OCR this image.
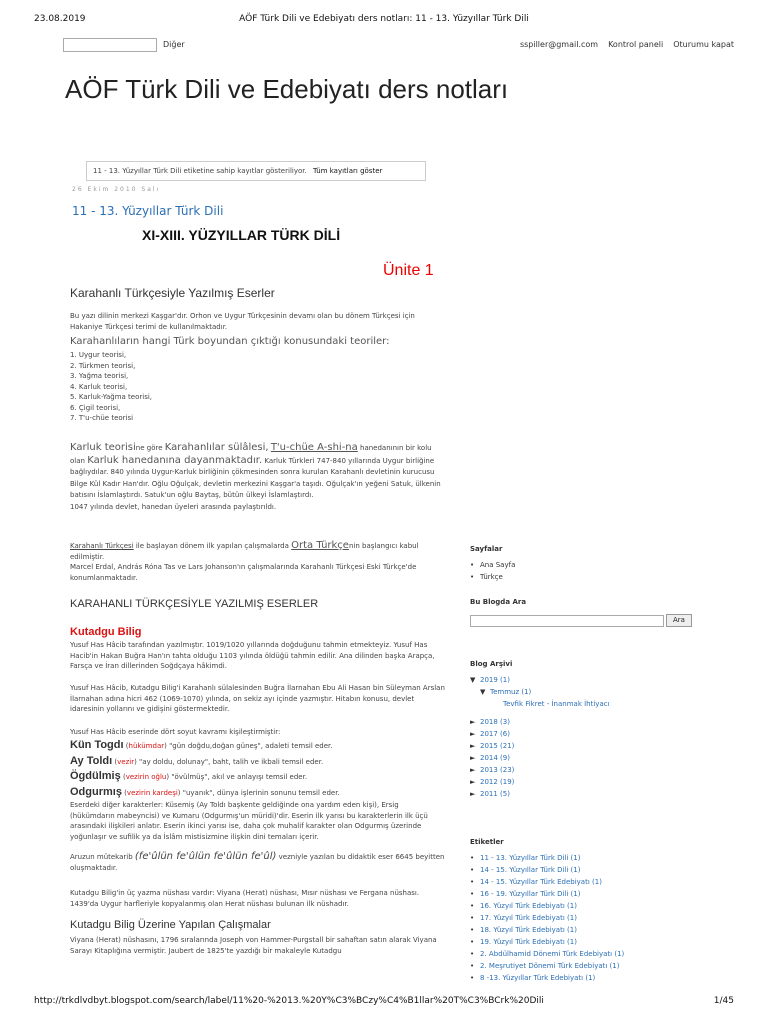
23.08.2019	AÖF Türk Dili ve Edebiyatı ders notları: 11 - 13. Yüzyıllar Türk Dili
Diğer	sspiller@gmail.com Kontrol paneli Oturumu kapat
AÖF Türk Dili ve Edebiyatı ders notları
11 - 13. Yüzyıllar Türk Dili etiketine sahip kayıtlar gösteriliyor. Tüm kayıtları göster
26 Ekim 2010 Salı
11 - 13. Yüzyıllar Türk Dili
XI-XIII. YÜZYILLAR TÜRK DİLİ
Ünite 1
Karahanlı Türkçesiyle Yazılmış Eserler

Bu yazı dilinin merkezi Kaşgar'dır. Orhon ve Uygur Türkçesinin devamı olan bu dönem Türkçesi için Hakaniye Türkçesi terimi de kullanılmaktadır.

Karahanlıların hangi Türk boyundan çıktığı konusundaki teoriler:

1. Uygur teorisi,
2. Türkmen teorisi,
3. Yağma teorisi,
4. Karluk teorisi,
5. Karluk-Yağma teorisi,
6. Çigil teorisi,
7. T'u-chüe teorisi

Karluk teorisine göre Karahanlılar sülâlesi, T'u-chüe A-shi-na hanedanının bir kolu olan Karluk hanedanına dayanmaktadır. Karluk Türkleri 747-840 yıllarında Uygur birliğine bağlıydılar. 840 yılında Uygur-Karluk birliğinin çökmesinden sonra kurulan Karahanlı devletinin kurucusu Bilge Kül Kadır Han'dır. Oğlu Oğulçak, devletin merkezini Kaşgar'a taşıdı. Oğulçak'ın yeğeni Satuk, ülkenin batısını İslamlaştırdı. Satuk'un oğlu Baytaş, bütün ülkeyi İslamlaştırdı.
1047 yılında devlet, hanedan üyeleri arasında paylaştırıldı.

Karahanlı Türkçesi ile başlayan dönem ilk yapılan çalışmalarda Orta Türkçenin başlangıcı kabul edilmiştir.
Marcel Erdal, András Róna Tas ve Lars Johanson'ın çalışmalarında Karahanlı Türkçesi Eski Türkçe'de konumlanmaktadır.

KARAHANLI TÜRKÇESİYLE YAZILMIŞ ESERLER
Kutadgu Bilig

Yusuf Has Hâcib tarafından yazılmıştır. 1019/1020 yıllarında doğduğunu tahmin etmekteyiz. Yusuf Has Hacib'in Hakan Buğra Han'ın tahta olduğu 1103 yılında öldüğü tahmin edilir. Ana dilinden başka Arapça, Farsça ve İran dillerinden Soğdçaya hâkimdi.

Yusuf Has Hâcib, Kutadgu Bilig'i Karahanlı sülalesinden Buğra İlarnahan Ebu Ali Hasan bin Süleyman Arslan İlarnahan adına hicri 462 (1069-1070) yılında, on sekiz ayı içinde yazmıştır. Hitabın konusu, devlet idaresinin yollarını ve gidişini göstermektedir.

Yusuf Has Hâcib eserinde dört soyut kavramı kişileştirmiştir:

Kün Togdı (hükümdar) "gün doğdu,doğan güneş", adaleti temsil eder.
Ay Toldı (vezir) "ay doldu, dolunay", baht, talih ve ikbali temsil eder.
Ögdülmiş (vezirin oğlu) "övülmüş", akıl ve anlayışı temsil eder.
Odgurmış (vezirin kardeşi) "uyanık", dünya işlerinin sonunu temsil eder.

Eserdeki diğer karakterler: Küsemiş (Ay Toldı başkente geldiğinde ona yardım eden kişi), Ersig (hükümdarın mabeyncisi) ve Kumaru (Odgurmış'un müridi)'dir. Eserin ilk yarısı bu karakterlerin ilk üçü arasındaki ilişkileri anlatır. Eserin ikinci yarısı ise, daha çok muhalif karakter olan Odgurmış üzerinde yoğunlaşır ve sufilik ya da İslâm mistisizmine ilişkin dini temaları içerir.

Aruzun mütekarib (fe'ûlün fe'ûlün fe'ûlün fe'ûl) vezniyle yazılan bu didaktik eser 6645 beyitten oluşmaktadır.

Kutadgu Bilig'in üç yazma nüshası vardır: Viyana (Herat) nüshası, Mısır nüshası ve Fergana nüshası. 1439'da Uygur harfleriyle kopyalanmış olan Herat nüshası bulunan ilk nüshadır.

Kutadgu Bilig Üzerine Yapılan Çalışmalar

Viyana (Herat) nüshasını, 1796 sıralarında Joseph von Hammer-Purgstall bir sahaftan satın alarak Viyana Sarayı Kitaplığına vermiştir. Jaubert de 1825'te yazdığı bir makaleyle Kutadgu

Sayfalar
• Ana Sayfa
• Türkçe
Bu Blogda Ara
Ara
Blog Arşivi
▼ 2019 (1)
▼ Temmuz (1)
Tevfik Fikret - İnanmak İhtiyacı
► 2018 (3)
► 2017 (6)
► 2015 (21)
► 2014 (9)
► 2013 (23)
► 2012 (19)
► 2011 (5)
Etiketler
• 11 - 13. Yüzyıllar Türk Dili (1)
• 14 - 15. Yüzyıllar Türk Dili (1)
• 14 - 15. Yüzyıllar Türk Edebiyatı (1)
• 16 - 19. Yüzyıllar Türk Dili (1)
• 16. Yüzyıl Türk Edebiyatı (1)
• 17. Yüzyıl Türk Edebiyatı (1)
• 18. Yüzyıl Türk Edebiyatı (1)
• 19. Yüzyıl Türk Edebiyatı (1)
• 2. Abdülhamid Dönemi Türk Edebiyatı (1)
• 2. Meşrutiyet Dönemi Türk Edebiyatı (1)
• 8 -13. Yüzyıllar Türk Edebiyatı (1)
http://trkdlvdbyt.blogspot.com/search/label/11%20-%2013.%20Y%C3%BCzy%C4%B1llar%20T%C3%BCrk%20Dili	1/45
